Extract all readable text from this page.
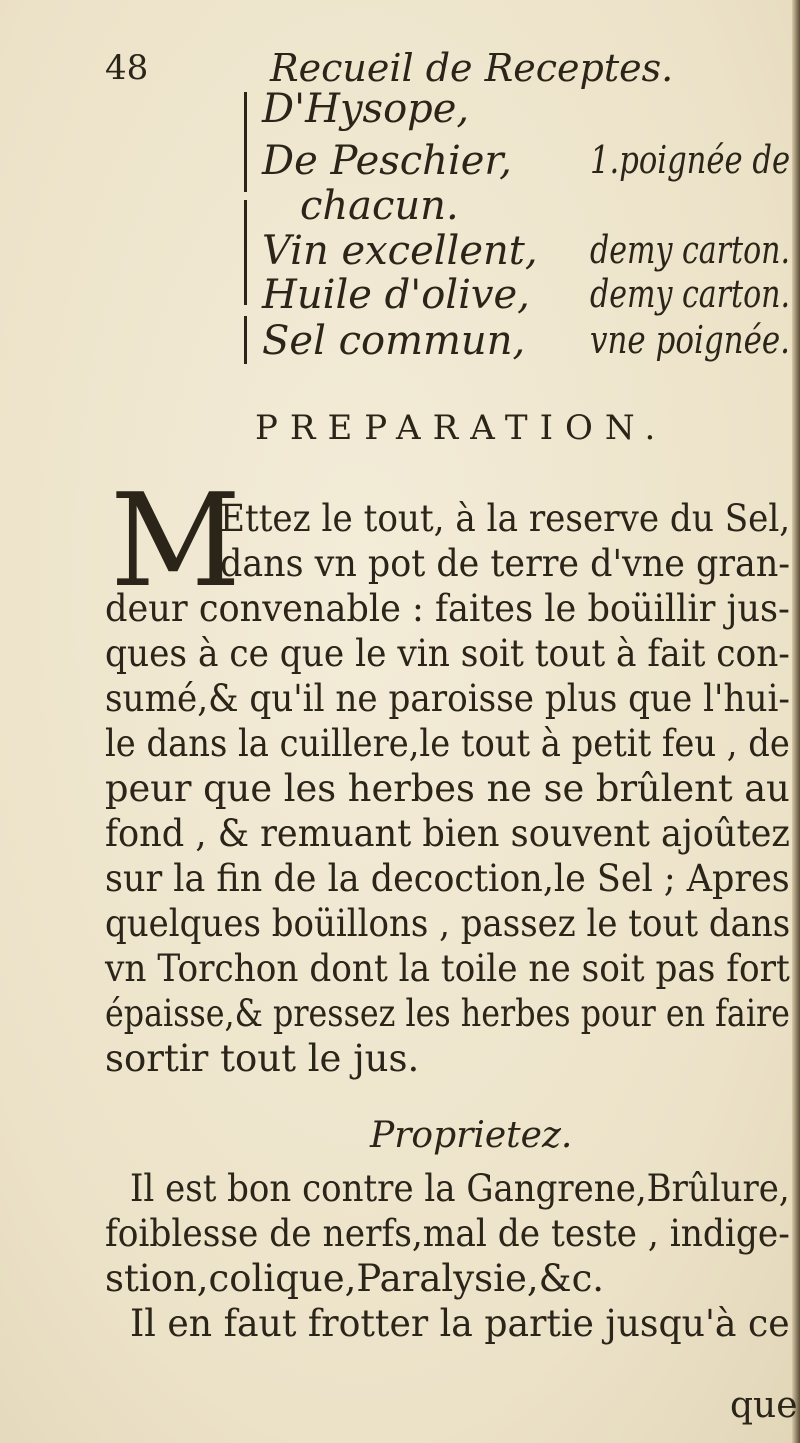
48	Recueil de Receptes.
D'Hysope,
De Peschier, 1.poignée de
chacun.
Vin excellent, demy carton.
Huile d'olive, demy carton.
Sel commun, vne poignée.
PREPARATION.
M
Ettez le tout, à la reserve du Sel,
dans vn pot de terre d'vne gran-
deur convenable : faites le boüillir jus-
ques à ce que le vin soit tout à fait con-
sumé,& qu'il ne paroisse plus que l'hui-
le dans la cuillere,le tout à petit feu , de
peur que les herbes ne se brûlent au
fond , & remuant bien souvent ajoûtez
sur la fin de la decoction,le Sel ; Apres
quelques boüillons , passez le tout dans
vn Torchon dont la toile ne soit pas fort
épaisse,& pressez les herbes pour en faire
sortir tout le jus.
Proprietez.
Il est bon contre la Gangrene,Brûlure,
foiblesse de nerfs,mal de teste , indige-
stion,colique,Paralysie,&c.
Il en faut frotter la partie jusqu'à ce
que
